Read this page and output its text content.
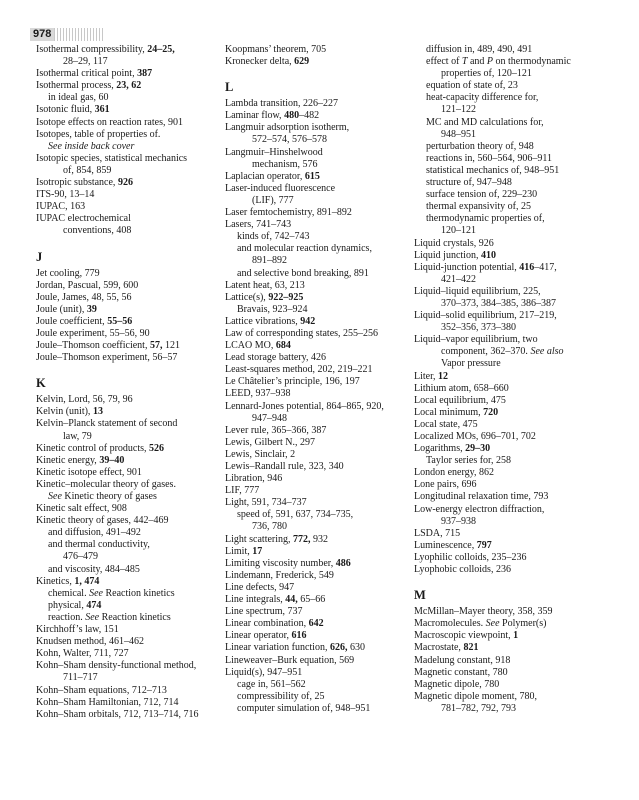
978
Isothermal compressibility, 24–25,
28–29, 117
Isothermal critical point, 387
Isothermal process, 23, 62
in ideal gas, 60
Isotonic fluid, 361
Isotope effects on reaction rates, 901
Isotopes, table of properties of.
See inside back cover
Isotopic species, statistical mechanics
of, 854, 859
Isotropic substance, 926
ITS-90, 13–14
IUPAC, 163
IUPAC electrochemical
conventions, 408
J
Jet cooling, 779
Jordan, Pascual, 599, 600
Joule, James, 48, 55, 56
Joule (unit), 39
Joule coefficient, 55–56
Joule experiment, 55–56, 90
Joule–Thomson coefficient, 57, 121
Joule–Thomson experiment, 56–57
K
Kelvin, Lord, 56, 79, 96
Kelvin (unit), 13
Kelvin–Planck statement of second
law, 79
Kinetic control of products, 526
Kinetic energy, 39–40
Kinetic isotope effect, 901
Kinetic–molecular theory of gases.
See Kinetic theory of gases
Kinetic salt effect, 908
Kinetic theory of gases, 442–469
and diffusion, 491–492
and thermal conductivity,
476–479
and viscosity, 484–485
Kinetics, 1, 474
chemical. See Reaction kinetics
physical, 474
reaction. See Reaction kinetics
Kirchhoff’s law, 151
Knudsen method, 461–462
Kohn, Walter, 711, 727
Kohn–Sham density-functional method,
711–717
Kohn–Sham equations, 712–713
Kohn–Sham Hamiltonian, 712, 714
Kohn–Sham orbitals, 712, 713–714, 716
Koopmans’ theorem, 705
Kronecker delta, 629
L
Lambda transition, 226–227
Laminar flow, 480–482
Langmuir adsorption isotherm,
572–574, 576–578
Langmuir–Hinshelwood
mechanism, 576
Laplacian operator, 615
Laser-induced fluorescence
(LIF), 777
Laser femtochemistry, 891–892
Lasers, 741–743
kinds of, 742–743
and molecular reaction dynamics,
891–892
and selective bond breaking, 891
Latent heat, 63, 213
Lattice(s), 922–925
Bravais, 923–924
Lattice vibrations, 942
Law of corresponding states, 255–256
LCAO MO, 684
Lead storage battery, 426
Least-squares method, 202, 219–221
Le Châtelier’s principle, 196, 197
LEED, 937–938
Lennard-Jones potential, 864–865, 920,
947–948
Lever rule, 365–366, 387
Lewis, Gilbert N., 297
Lewis, Sinclair, 2
Lewis–Randall rule, 323, 340
Libration, 946
LIF, 777
Light, 591, 734–737
speed of, 591, 637, 734–735,
736, 780
Light scattering, 772, 932
Limit, 17
Limiting viscosity number, 486
Lindemann, Frederick, 549
Line defects, 947
Line integrals, 44, 65–66
Line spectrum, 737
Linear combination, 642
Linear operator, 616
Linear variation function, 626, 630
Lineweaver–Burk equation, 569
Liquid(s), 947–951
cage in, 561–562
compressibility of, 25
computer simulation of, 948–951
diffusion in, 489, 490, 491
effect of T and P on thermodynamic
properties of, 120–121
equation of state of, 23
heat-capacity difference for,
121–122
MC and MD calculations for,
948–951
perturbation theory of, 948
reactions in, 560–564, 906–911
statistical mechanics of, 948–951
structure of, 947–948
surface tension of, 229–230
thermal expansivity of, 25
thermodynamic properties of,
120–121
Liquid crystals, 926
Liquid junction, 410
Liquid-junction potential, 416–417,
421–422
Liquid–liquid equilibrium, 225,
370–373, 384–385, 386–387
Liquid–solid equilibrium, 217–219,
352–356, 373–380
Liquid–vapor equilibrium, two
component, 362–370. See also
Vapor pressure
Liter, 12
Lithium atom, 658–660
Local equilibrium, 475
Local minimum, 720
Local state, 475
Localized MOs, 696–701, 702
Logarithms, 29–30
Taylor series for, 258
London energy, 862
Lone pairs, 696
Longitudinal relaxation time, 793
Low-energy electron diffraction,
937–938
LSDA, 715
Luminescence, 797
Lyophilic colloids, 235–236
Lyophobic colloids, 236
M
McMillan–Mayer theory, 358, 359
Macromolecules. See Polymer(s)
Macroscopic viewpoint, 1
Macrostate, 821
Madelung constant, 918
Magnetic constant, 780
Magnetic dipole, 780
Magnetic dipole moment, 780,
781–782, 792, 793
